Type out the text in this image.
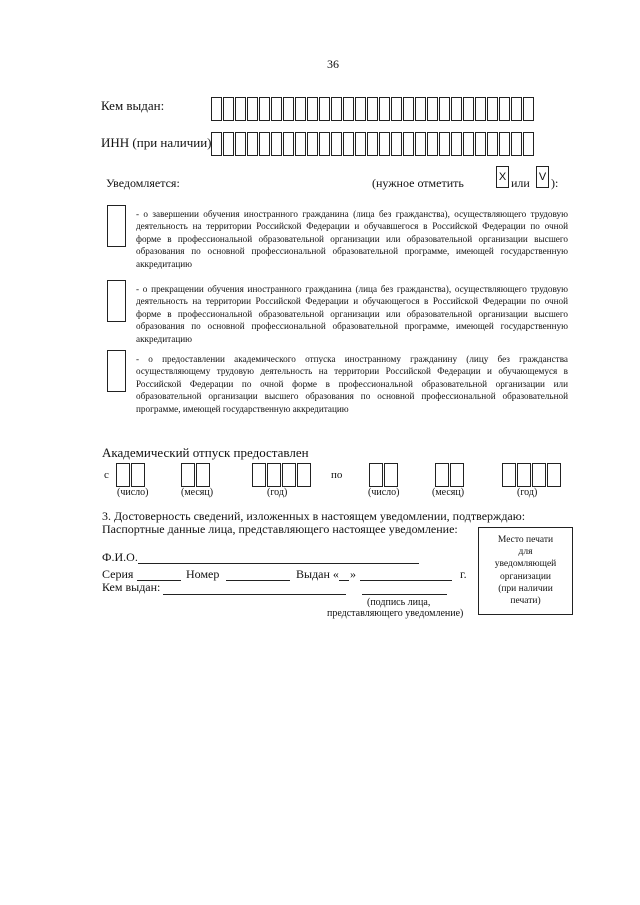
36
Кем выдан:
ИНН (при наличии)
Уведомляется:	(нужное отметить	X или V ):
- о завершении обучения иностранного гражданина (лица без гражданства), осуществляющего трудовую деятельность на территории Российской Федерации и обучавшегося в Российской Федерации по очной форме в профессиональной образовательной организации или образовательной организации высшего образования по основной профессиональной образовательной программе, имеющей государственную аккредитацию
- о прекращении обучения иностранного гражданина (лица без гражданства), осуществляющего трудовую деятельность на территории Российской Федерации и обучающегося в Российской Федерации по очной форме в профессиональной образовательной организации или образовательной организации высшего образования по основной профессиональной образовательной программе, имеющей государственную аккредитацию
- о предоставлении академического отпуска иностранному гражданину (лицу без гражданства осуществляющему трудовую деятельность на территории Российской Федерации и обучающемуся в Российской Федерации по очной форме в профессиональной образовательной организации или образовательной организации высшего образования по основной профессиональной образовательной программе, имеющей государственную аккредитацию
Академический отпуск предоставлен
с
(число)	(месяц)	(год)
по
(число)	(месяц)	(год)
3. Достоверность сведений, изложенных в настоящем уведомлении, подтверждаю:
Паспортные данные лица, представляющего настоящее уведомление:
Место печати
для
уведомляющей
организации
(при наличии
печати)
Ф.И.О.
Серия	Номер	Выдан « »	г.
Кем выдан:
(подпись лица,
представляющего уведомление)
